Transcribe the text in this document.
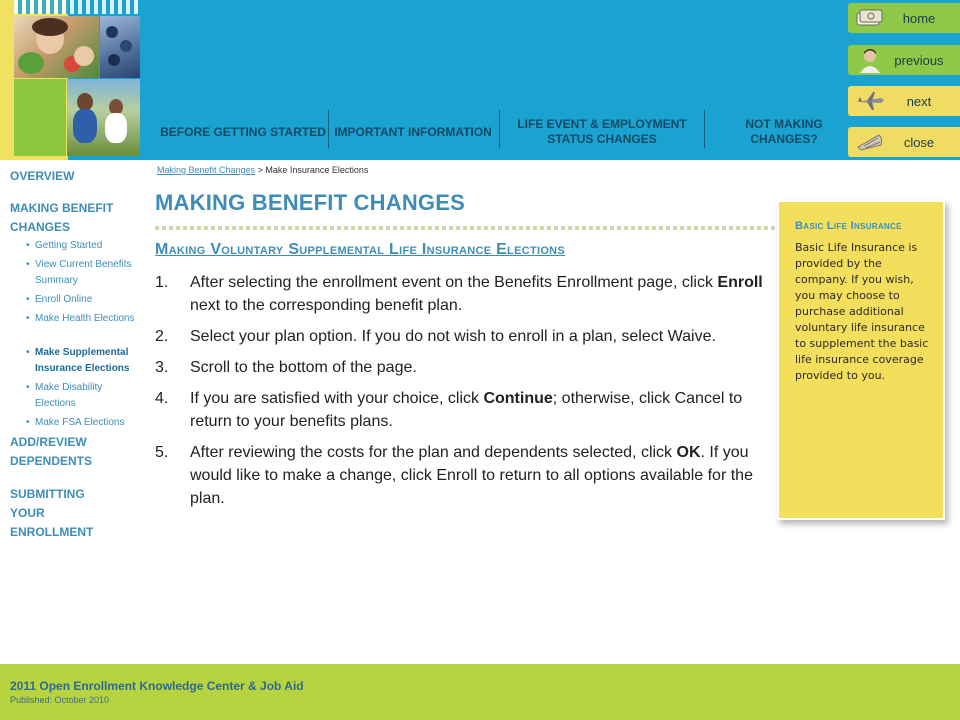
BEFORE GETTING STARTED IMPORTANT INFORMATION
LIFE EVENT & EMPLOYMENT STATUS CHANGES
NOT MAKING CHANGES?
home
previous
next
close
OVERVIEW
MAKING BENEFIT CHANGES
• Getting Started
• View Current Benefits Summary
• Enroll Online
• Make Health Elections
• Make Supplemental Insurance Elections
• Make Disability Elections
• Make FSA Elections
ADD/REVIEW DEPENDENTS
SUBMITTING YOUR ENROLLMENT
Making Benefit Changes > Make Insurance Elections
MAKING BENEFIT CHANGES
Making Voluntary Supplemental Life Insurance Elections
1. After selecting the enrollment event on the Benefits Enrollment page, click Enroll next to the corresponding benefit plan.
2. Select your plan option. If you do not wish to enroll in a plan, select Waive.
3. Scroll to the bottom of the page.
4. If you are satisfied with your choice, click Continue; otherwise, click Cancel to return to your benefits plans.
5. After reviewing the costs for the plan and dependents selected, click OK. If you would like to make a change, click Enroll to return to all options available for the plan.
Basic Life Insurance
Basic Life Insurance is provided by the company. If you wish, you may choose to purchase additional voluntary life insurance to supplement the basic life insurance coverage provided to you.
2011 Open Enrollment Knowledge Center & Job Aid
Published: October 2010
